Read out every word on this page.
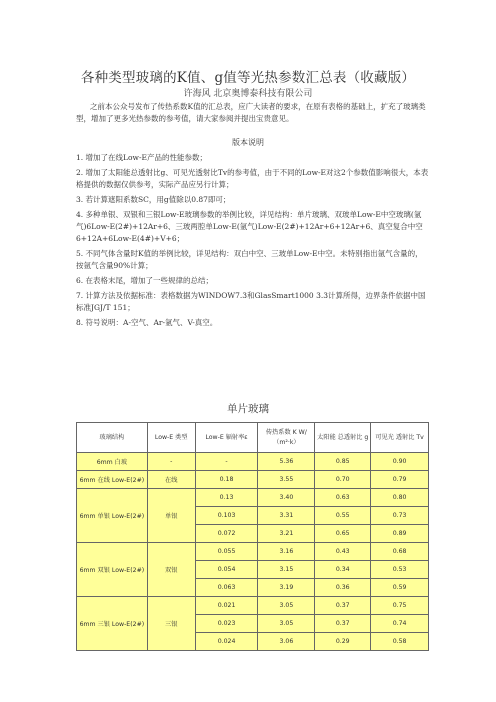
各种类型玻璃的K值、g值等光热参数汇总表（收藏版）
许海风 北京奥博泰科技有限公司
之前本公众号发布了传热系数K值的汇总表，应广大读者的要求，在原有表格的基础上，扩充了玻璃类型，增加了更多光热参数的参考值，请大家参阅并提出宝贵意见。
版本说明
1. 增加了在线Low-E产品的性能参数；
2. 增加了太阳能总透射比g、可见光透射比Tv的参考值，由于不同的Low-E对这2个参数值影响很大，本表格提供的数据仅供参考，实际产品应另行计算；
3. 若计算遮阳系数SC，用g值除以0.87即可；
4. 多种单银、双银和三银Low-E玻璃参数的举例比较，详见结构：单片玻璃、双玻单Low-E中空玻璃(氩气)6Low-E(2#)+12Ar+6、三玻两腔单Low-E(氩气)Low-E(2#)+12Ar+6+12Ar+6、真空复合中空6+12A+6Low-E(4#)+V+6；
5. 不同气体含量时K值的举例比较，详见结构：双白中空、三玻单Low-E中空。未特别指出氩气含量的，按氩气含量90%计算；
6. 在表格末尾，增加了一些规律的总结；
7. 计算方法及依据标准：表格数据为WINDOW7.3和GlasSmart1000 3.3计算所得，边界条件依据中国标准JGJ/T 151；
8. 符号说明：A-空气、Ar-氩气、V-真空。
单片玻璃
玻璃结构	Low-E 类型	Low-E 辐射率ε	传热系数 K W/（m²·k）	太阳能 总透射比 g	可见光 透射比 Tv
6mm 白玻	-	-	5.36	0.85	0.90
6mm 在线 Low-E(2#)	在线	0.18	3.55	0.70	0.79
6mm 单银 Low-E(2#)	单银	0.13	3.40	0.63	0.80
		0.103	3.31	0.55	0.73
		0.072	3.21	0.65	0.89
6mm 双银 Low-E(2#)	双银	0.055	3.16	0.43	0.68
		0.054	3.15	0.34	0.53
		0.063	3.19	0.36	0.59
6mm 三银 Low-E(2#)	三银	0.021	3.05	0.37	0.75
		0.023	3.05	0.37	0.74
		0.024	3.06	0.29	0.58
